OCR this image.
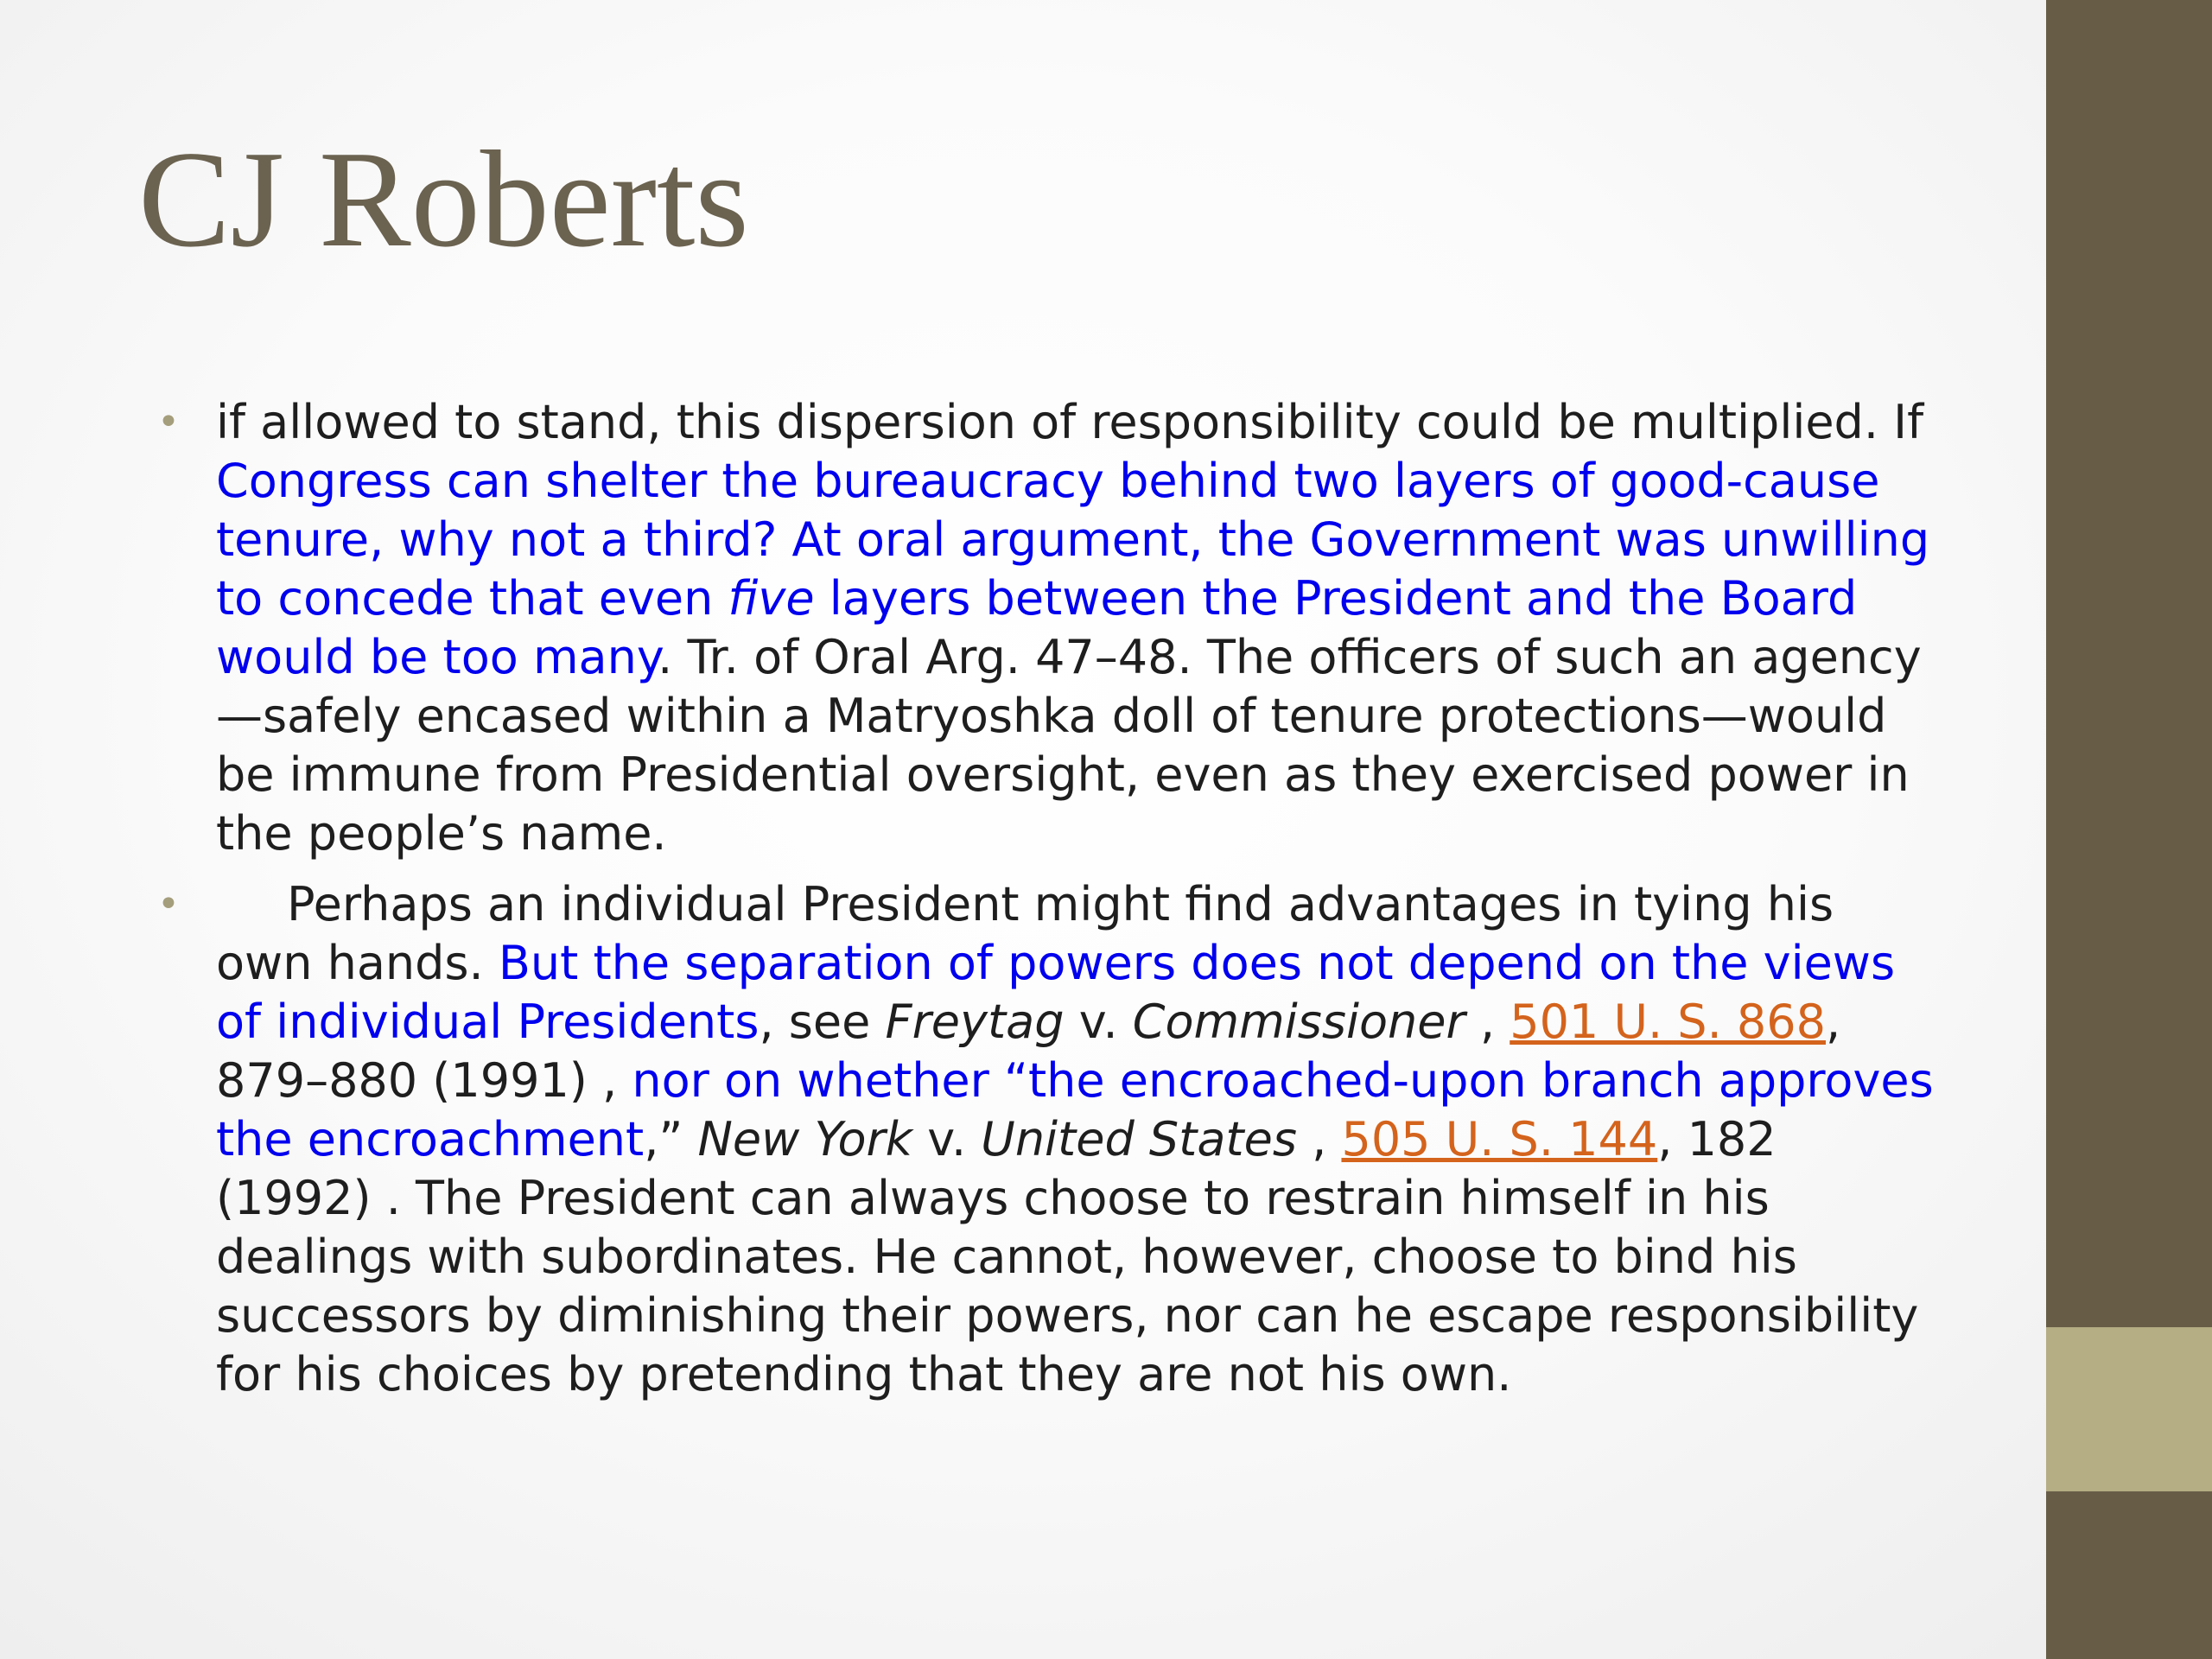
CJ Roberts
• if allowed to stand, this dispersion of responsibility could be multiplied. If Congress can shelter the bureaucracy behind two layers of good-cause tenure, why not a third? At oral argument, the Government was unwilling to concede that even five layers between the President and the Board would be too many. Tr. of Oral Arg. 47–48. The officers of such an agency—safely encased within a Matryoshka doll of tenure protections—would be immune from Presidential oversight, even as they exercised power in the people’s name.
• Perhaps an individual President might find advantages in tying his own hands. But the separation of powers does not depend on the views of individual Presidents, see Freytag v. Commissioner , 501 U. S. 868, 879–880 (1991) , nor on whether “the encroached-upon branch approves the encroachment,” New York v. United States , 505 U. S. 144, 182 (1992) . The President can always choose to restrain himself in his dealings with subordinates. He cannot, however, choose to bind his successors by diminishing their powers, nor can he escape responsibility for his choices by pretending that they are not his own.
